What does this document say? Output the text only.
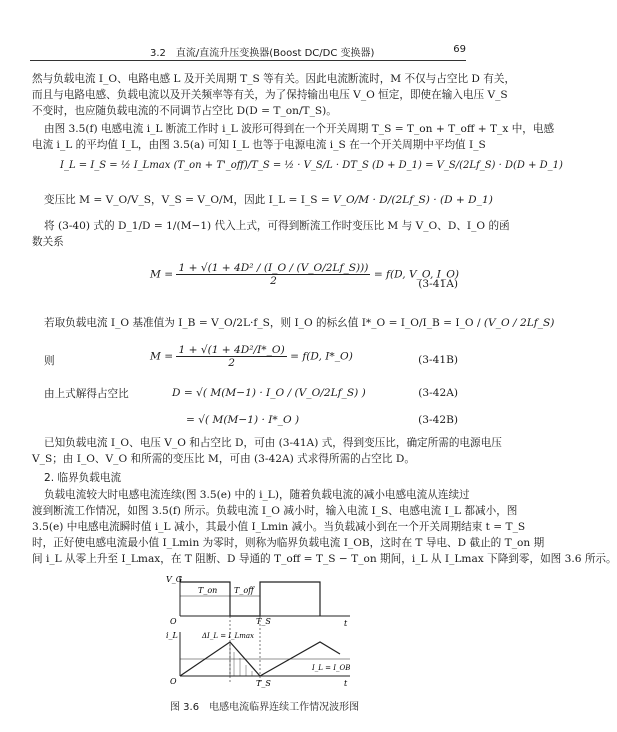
3.2　直流/直流升压变换器(Boost DC/DC 变换器)	69
然与负载电流 I_O、电路电感 L 及开关周期 T_S 等有关。因此电流断流时，M 不仅与占空比 D 有关，
而且与电路电感、负载电流以及开关频率等有关，为了保持输出电压 V_O 恒定，即使在输入电压 V_S
不变时，也应随负载电流的不同调节占空比 D(D = T_on/T_S)。
由图 3.5(f) 电感电流 i_L 断流工作时 i_L 波形可得到在一个开关周期 T_S = T_on + T_off + T_x 中，电感
电流 i_L 的平均值 I_L，由图 3.5(a) 可知 I_L 也等于电源电流 i_S 在一个开关周期中平均值 I_S
I_L = I_S = ½ I_Lmax (T_on + T'_off)/T_S = ½ · V_S/L · DT_S (D + D_1) = V_S/(2Lf_S) · D(D + D_1)
变压比 M = V_O/V_S，V_S = V_O/M，因此 I_L = I_S = V_O/M · D/(2Lf_S) · (D + D_1)
将 (3-40) 式的 D_1/D = 1/(M−1) 代入上式，可得到断流工作时变压比 M 与 V_O、D、I_O 的函
数关系
$M = \frac{\text{1 + √(1 + 4D² / (I\_O / (V\_O/2Lf\_S)))}}{2} = f(D$, V_O, I_O)
(3-41A)
若取负载电流 I_O 基准值为 I_B = V_O/2L·f_S，则 I_O 的标幺值 I*_O = I_O/I_B = I_O / (V_O / 2Lf_S)
则	$M = \frac{\text{1 + √(1 + 4D²/I*\_O)}}{2} = f(D$, I*_O)	(3-41B)
由上式解得占空比	D = √( M(M−1) · I_O / (V_O/2Lf_S) )	(3-42A)
= √( M(M−1) · I*_O )	(3-42B)
已知负载电流 I_O、电压 V_O 和占空比 D，可由 (3-41A) 式，得到变压比，确定所需的电源电压
V_S；由 I_O、V_O 和所需的变压比 M，可由 (3-42A) 式求得所需的占空比 D。
2. 临界负载电流
负载电流较大时电感电流连续(图 3.5(e) 中的 i_L)，随着负载电流的减小电感电流从连续过
渡到断流工作情况，如图 3.5(f) 所示。负载电流 I_O 减小时，输入电流 I_S、电感电流 I_L 都减小，图
3.5(e) 中电感电流瞬时值 i_L 减小，其最小值 I_Lmin 减小。当负载减小到在一个开关周期结束 t = T_S
时，正好使电感电流最小值 I_Lmin 为零时，则称为临界负载电流 I_OB，这时在 T 导电、D 截止的 T_on 期
间 i_L 从零上升至 I_Lmax，在 T 阻断、D 导通的 T_off = T_S − T_on 期间，i_L 从 I_Lmax 下降到零，如图 3.6 所示。
V_G
O	t
T_on T_off
T_S
i_L
O	t
T_S
ΔI_L = I_Lmax
I_L = I_OB
图 3.6　电感电流临界连续工作情况波形图
